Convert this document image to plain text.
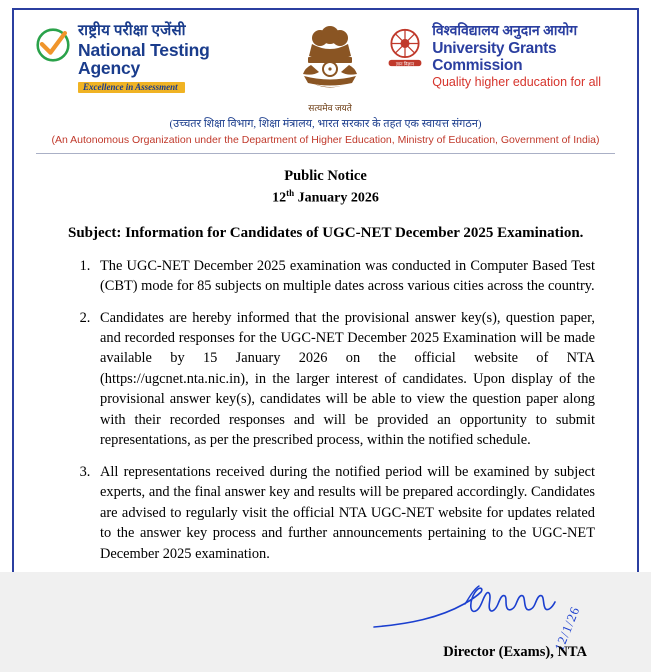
राष्ट्रीय परीक्षा एजेंसी
National Testing Agency
Excellence in Assessment
सत्यमेव जयते
ज्ञान विज्ञान
विश्वविद्यालय अनुदान आयोग
University Grants Commission
Quality higher education for all
(उच्चतर शिक्षा विभाग, शिक्षा मंत्रालय, भारत सरकार के तहत एक स्वायत्त संगठन)
(An Autonomous Organization under the Department of Higher Education, Ministry of Education, Government of India)
Public Notice
12th January 2026
Subject: Information for Candidates of UGC-NET December 2025 Examination.
1. The UGC-NET December 2025 examination was conducted in Computer Based Test (CBT) mode for 85 subjects on multiple dates across various cities across the country.
2. Candidates are hereby informed that the provisional answer key(s), question paper, and recorded responses for the UGC-NET December 2025 Examination will be made available by 15 January 2026 on the official website of NTA (https://ugcnet.nta.nic.in), in the larger interest of candidates. Upon display of the provisional answer key(s), candidates will be able to view the question paper along with their recorded responses and will be provided an opportunity to submit representations, as per the prescribed process, within the notified schedule.
3. All representations received during the notified period will be examined by subject experts, and the final answer key and results will be prepared accordingly. Candidates are advised to regularly visit the official NTA UGC-NET website for updates related to the answer key process and further announcements pertaining to the UGC-NET December 2025 examination.
12/1/26
Director (Exams), NTA
